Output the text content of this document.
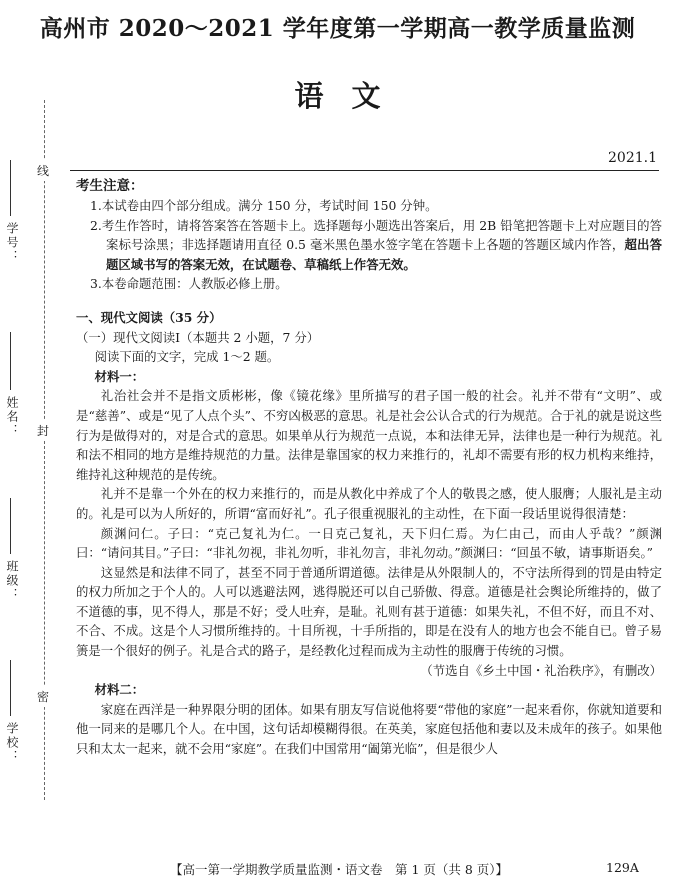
高州市 2020～2021 学年度第一学期高一教学质量监测
语文
2021.1
线
封
密
学号：
姓名：
班级：
学校：

考生注意：

1.本试卷由四个部分组成。满分 150 分，考试时间 150 分钟。

2.考生作答时，请将答案答在答题卡上。选择题每小题选出答案后，用 2B 铅笔把答题卡上对应题目的答案标号涂黑；非选择题请用直径 0.5 毫米黑色墨水签字笔在答题卡上各题的答题区域内作答，超出答题区域书写的答案无效，在试题卷、草稿纸上作答无效。

3.本卷命题范围：人教版必修上册。

一、现代文阅读（35 分）

（一）现代文阅读Ⅰ（本题共 2 小题，7 分）

阅读下面的文字，完成 1～2 题。

材料一：

礼治社会并不是指文质彬彬，像《镜花缘》里所描写的君子国一般的社会。礼并不带有“文明”、或是“慈善”、或是“见了人点个头”、不穷凶极恶的意思。礼是社会公认合式的行为规范。合于礼的就是说这些行为是做得对的，对是合式的意思。如果单从行为规范一点说，本和法律无异，法律也是一种行为规范。礼和法不相同的地方是维持规范的力量。法律是靠国家的权力来推行的，礼却不需要有形的权力机构来维持，维持礼这种规范的是传统。

礼并不是靠一个外在的权力来推行的，而是从教化中养成了个人的敬畏之感，使人服膺；人服礼是主动的。礼是可以为人所好的，所谓“富而好礼”。孔子很重视服礼的主动性，在下面一段话里说得很清楚：

颜渊问仁。子曰：“克己复礼为仁。一日克己复礼，天下归仁焉。为仁由己，而由人乎哉？”颜渊曰：“请问其目。”子曰：“非礼勿视，非礼勿听，非礼勿言，非礼勿动。”颜渊曰：“回虽不敏，请事斯语矣。”

这显然是和法律不同了，甚至不同于普通所谓道德。法律是从外限制人的，不守法所得到的罚是由特定的权力所加之于个人的。人可以逃避法网，逃得脱还可以自己骄傲、得意。道德是社会舆论所维持的，做了不道德的事，见不得人，那是不好；受人吐弃，是耻。礼则有甚于道德：如果失礼，不但不好，而且不对、不合、不成。这是个人习惯所维持的。十目所视，十手所指的，即是在没有人的地方也会不能自已。曾子易箦是一个很好的例子。礼是合式的路子，是经教化过程而成为主动性的服膺于传统的习惯。

（节选自《乡土中国・礼治秩序》，有删改）

材料二：

家庭在西洋是一种界限分明的团体。如果有朋友写信说他将要“带他的家庭”一起来看你，你就知道要和他一同来的是哪几个人。在中国，这句话却模糊得很。在英美，家庭包括他和妻以及未成年的孩子。如果他只和太太一起来，就不会用“家庭”。在我们中国常用“阖第光临”，但是很少人

【高一第一学期教学质量监测・语文卷　第 1 页（共 8 页）】	129A
